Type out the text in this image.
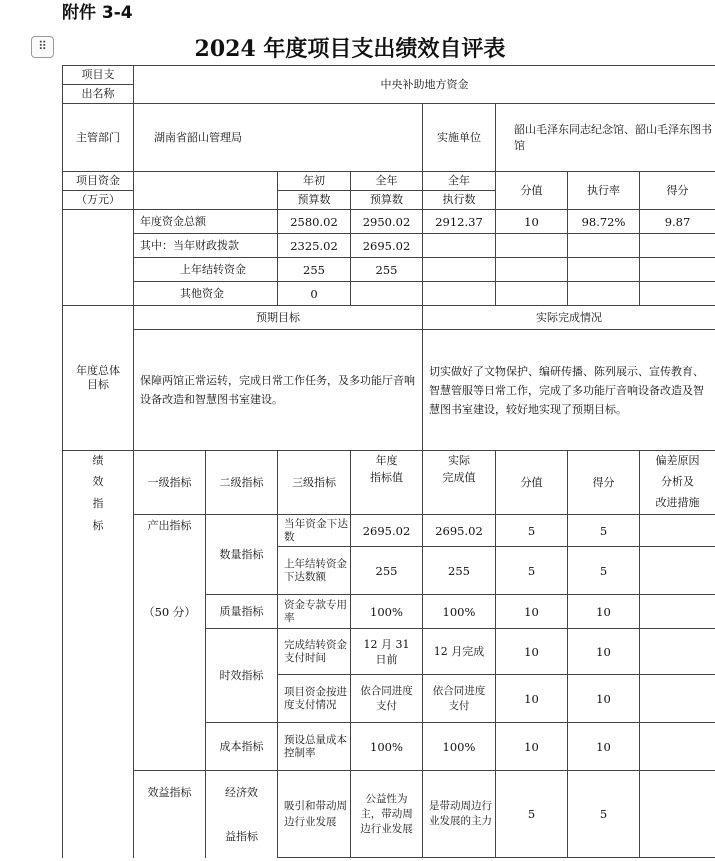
附件 3-4
⠿	2024 年度项目支出绩效自评表
项目支	中央补助地方资金							
出名称								
主管部门	湖南省韶山管理局				实施单位	韶山毛泽东同志纪念馆、韶山毛泽东图书馆		
项目资金			年初	全年	全年	分值	执行率	得分
（万元）			预算数	预算数	执行数			
	年度资金总额		2580.02	2950.02	2912.37	10	98.72%	9.87
	其中：当年财政拨款		2325.02	2695.02				
	上年结转资金		255	255				
	其他资金		0					
年度总体
目标	预期目标				实际完成情况			
	保障两馆正常运转，完成日常工作任务，及多功能厅音响设备改造和智慧图书室建设。				切实做好了文物保护、编研传播、陈列展示、宣传教育、智慧管服等日常工作，完成了多功能厅音响设备改造及智慧图书室建设，较好地实现了预期目标。			
绩	一级指标	二级指标	三级指标	年度	实际	分值	得分	偏差原因
效				指标值	完成值			分析及
指								改进措施
标	产出指标	数量指标	当年资金下达数	2695.02	2695.02	5	5	
			上年结转资金下达数额	255	255	5	5	
	（50 分）	质量指标	资金专款专用率	100%	100%	10	10	
		时效指标	完成结转资金支付时间	12 月 31 日前	12 月完成	10	10	
			项目资金按进度支付情况	依合同进度支付	依合同进度支付	10	10	
		成本指标	预设总量成本控制率	100%	100%	10	10	
	效益指标	经济效	吸引和带动周边行业发展	公益性为主，带动周边行业发展	是带动周边行业发展的主力	5	5	
		益指标						
